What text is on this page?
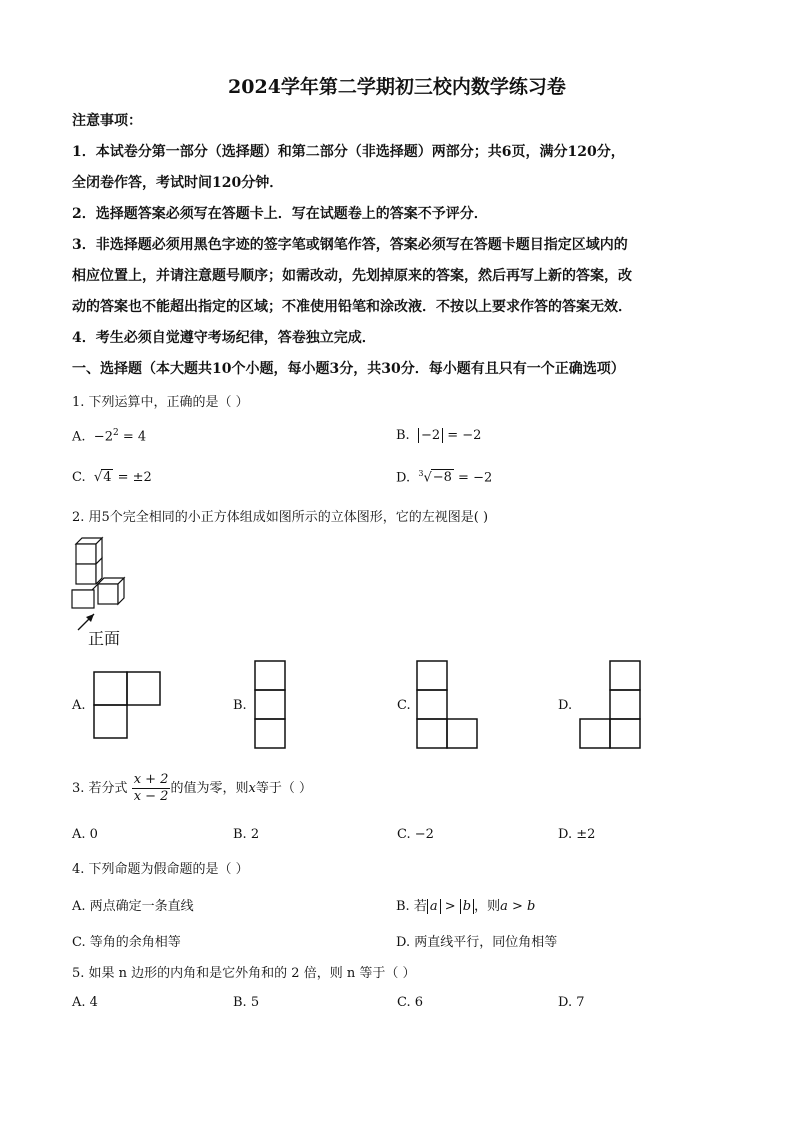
2024学年第二学期初三校内数学练习卷
注意事项：
1．本试卷分第一部分（选择题）和第二部分（非选择题）两部分；共6页，满分120分，
全闭卷作答，考试时间120分钟．
2．选择题答案必须写在答题卡上．写在试题卷上的答案不予评分．
3．非选择题必须用黑色字迹的签字笔或钢笔作答，答案必须写在答题卡题目指定区域内的
相应位置上，并请注意题号顺序；如需改动，先划掉原来的答案，然后再写上新的答案，改
动的答案也不能超出指定的区域；不准使用铅笔和涂改液．不按以上要求作答的答案无效．
4．考生必须自觉遵守考场纪律，答卷独立完成．
一、选择题（本大题共10个小题，每小题3分，共30分．每小题有且只有一个正确选项）
1. 下列运算中，正确的是（ ）
A. $-2^2 = 4$	B. −2 = −2
C.  √4 = ±2	D. $^3$√−8 = −2
2. 用5个完全相同的小正方体组成如图所示的立体图形，它的左视图是( )
正面
A.	B.	C.	D.
3. 若分式 $\frac{x + 2}{x - 2}$ 的值为零，则x等于（ ）
A. 0	B. 2	C. −2	D. ±2
4. 下列命题为假命题的是（ ）
A. 两点确定一条直线	B. 若 a > b ，则a > b
C. 等角的余角相等	D. 两直线平行，同位角相等
5. 如果 n 边形的内角和是它外角和的 2 倍，则 n 等于（ ）
A. 4	B. 5	C. 6	D. 7
